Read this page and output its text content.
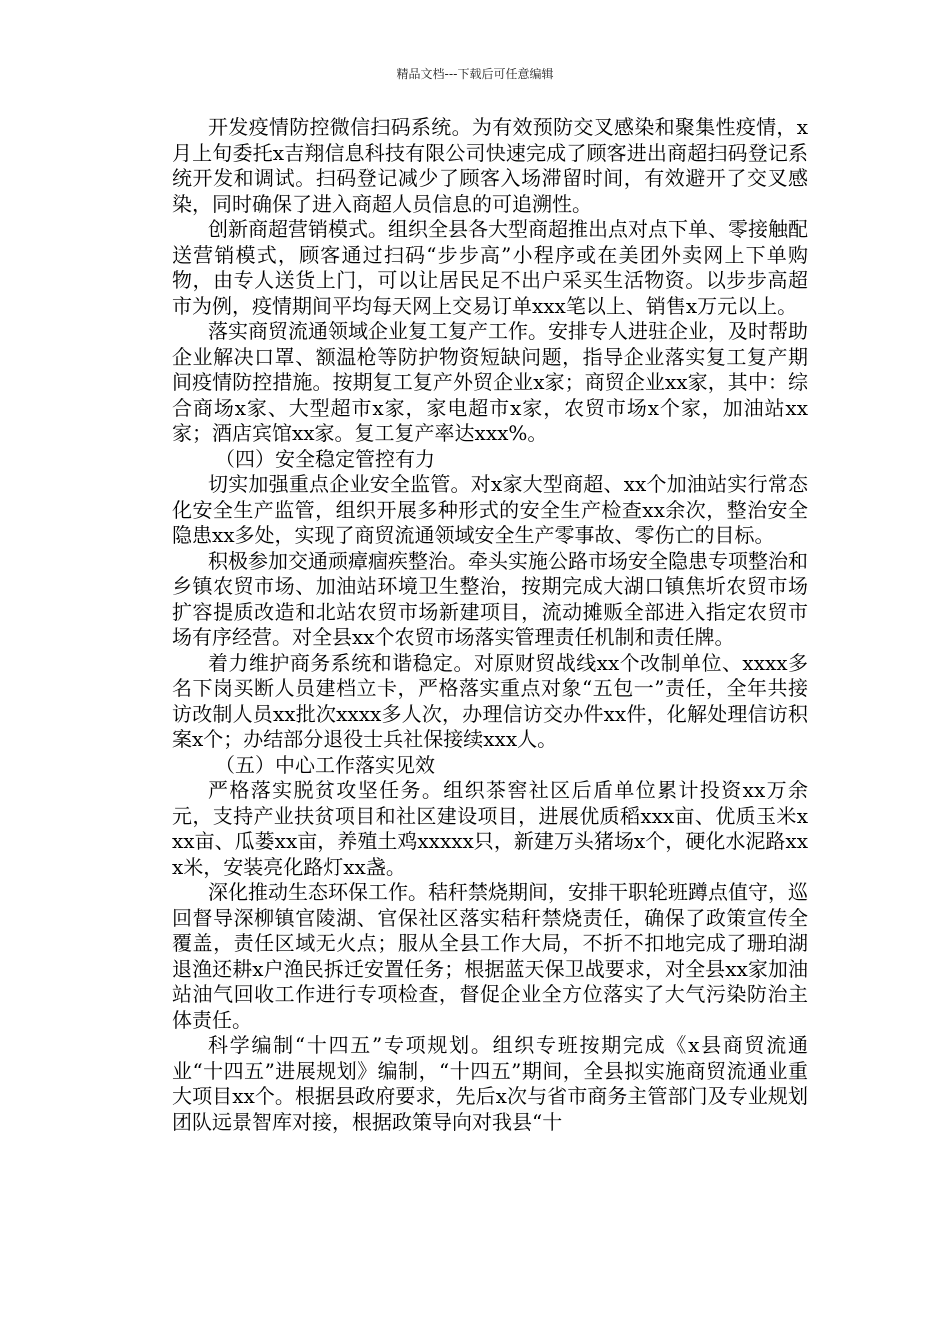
精品文档---下载后可任意编辑

开发疫情防控微信扫码系统。为有效预防交叉感染和聚集性疫情，x月上旬委托x吉翔信息科技有限公司快速完成了顾客进出商超扫码登记系统开发和调试。扫码登记减少了顾客入场滞留时间，有效避开了交叉感染，同时确保了进入商超人员信息的可追溯性。

创新商超营销模式。组织全县各大型商超推出点对点下单、零接触配送营销模式，顾客通过扫码“步步高”小程序或在美团外卖网上下单购物，由专人送货上门，可以让居民足不出户采买生活物资。以步步高超市为例，疫情期间平均每天网上交易订单xxx笔以上、销售x万元以上。

落实商贸流通领域企业复工复产工作。安排专人进驻企业，及时帮助企业解决口罩、额温枪等防护物资短缺问题，指导企业落实复工复产期间疫情防控措施。按期复工复产外贸企业x家；商贸企业xx家，其中：综合商场x家、大型超市x家，家电超市x家，农贸市场x个家，加油站xx家；酒店宾馆xx家。复工复产率达xxx%。

（四）安全稳定管控有力

切实加强重点企业安全监管。对x家大型商超、xx个加油站实行常态化安全生产监管，组织开展多种形式的安全生产检查xx余次，整治安全隐患xx多处，实现了商贸流通领域安全生产零事故、零伤亡的目标。

积极参加交通顽瘴痼疾整治。牵头实施公路市场安全隐患专项整治和乡镇农贸市场、加油站环境卫生整治，按期完成大湖口镇焦圻农贸市场扩容提质改造和北站农贸市场新建项目，流动摊贩全部进入指定农贸市场有序经营。对全县xx个农贸市场落实管理责任机制和责任牌。

着力维护商务系统和谐稳定。对原财贸战线xx个改制单位、xxxx多名下岗买断人员建档立卡，严格落实重点对象“五包一”责任，全年共接访改制人员xx批次xxxx多人次，办理信访交办件xx件，化解处理信访积案x个；办结部分退役士兵社保接续xxx人。

（五）中心工作落实见效

严格落实脱贫攻坚任务。组织茶窖社区后盾单位累计投资xx万余元，支持产业扶贫项目和社区建设项目，进展优质稻xxx亩、优质玉米xxx亩、瓜蒌xx亩，养殖土鸡xxxxx只，新建万头猪场x个，硬化水泥路xxx米，安装亮化路灯xx盏。

深化推动生态环保工作。秸秆禁烧期间，安排干职轮班蹲点值守，巡回督导深柳镇官陵湖、官保社区落实秸秆禁烧责任，确保了政策宣传全覆盖，责任区域无火点；服从全县工作大局，不折不扣地完成了珊珀湖退渔还耕x户渔民拆迁安置任务；根据蓝天保卫战要求，对全县xx家加油站油气回收工作进行专项检查，督促企业全方位落实了大气污染防治主体责任。

科学编制“十四五”专项规划。组织专班按期完成《x县商贸流通业“十四五”进展规划》编制，“十四五”期间，全县拟实施商贸流通业重大项目xx个。根据县政府要求，先后x次与省市商务主管部门及专业规划团队远景智库对接，根据政策导向对我县“十
